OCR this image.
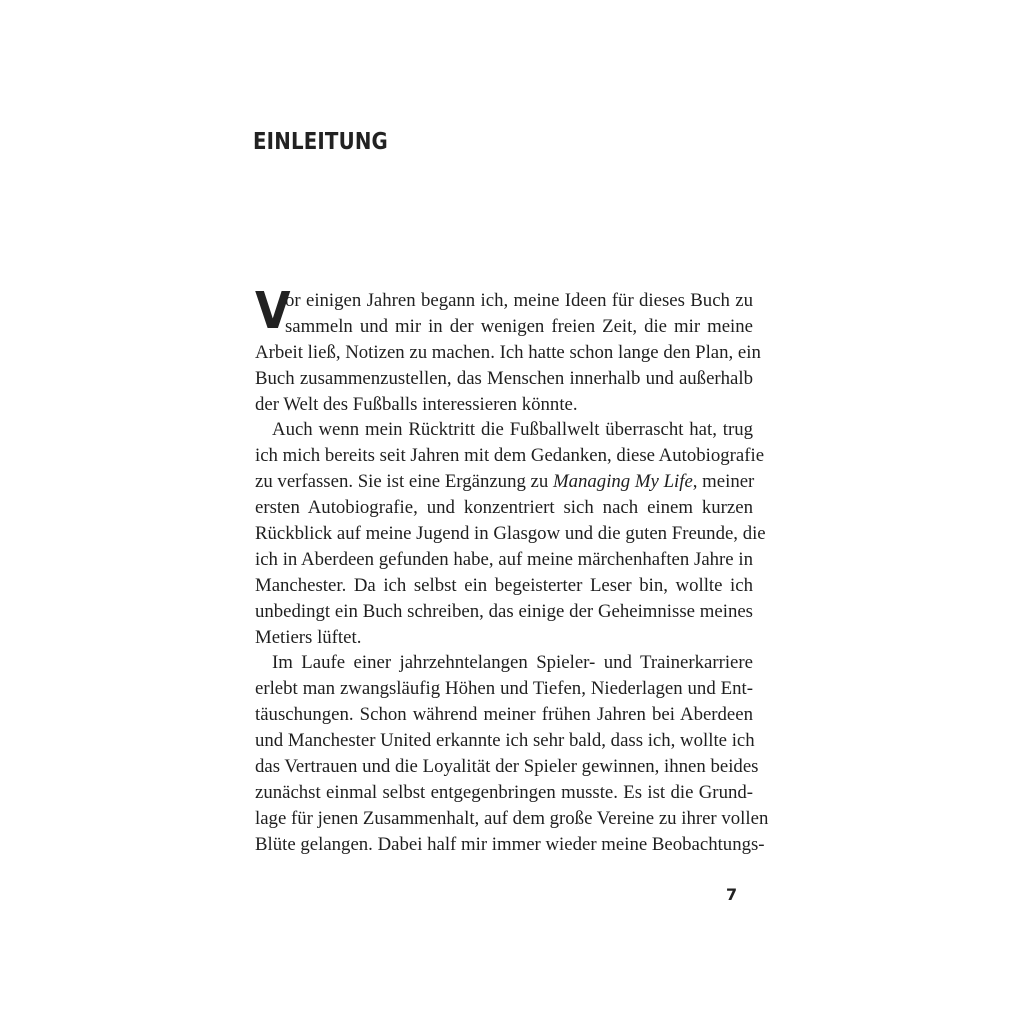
EINLEITUNG
V
or einigen Jahren begann ich, meine Ideen für dieses Buch zu
sammeln und mir in der wenigen freien Zeit, die mir meine
Arbeit ließ, Notizen zu machen. Ich hatte schon lange den Plan, ein
Buch zusammenzustellen, das Menschen innerhalb und außerhalb
der Welt des Fußballs interessieren könnte.
Auch wenn mein Rücktritt die Fußballwelt überrascht hat, trug
ich mich bereits seit Jahren mit dem Gedanken, diese Autobiografie
zu verfassen. Sie ist eine Ergänzung zu Managing My Life, meiner
ersten Autobiografie, und konzentriert sich nach einem kurzen
Rückblick auf meine Jugend in Glasgow und die guten Freunde, die
ich in Aberdeen gefunden habe, auf meine märchenhaften Jahre in
Manchester. Da ich selbst ein begeisterter Leser bin, wollte ich
unbedingt ein Buch schreiben, das einige der Geheimnisse meines
Metiers lüftet.
Im Laufe einer jahrzehntelangen Spieler- und Trainerkarriere
erlebt man zwangsläufig Höhen und Tiefen, Niederlagen und Ent-
täuschungen. Schon während meiner frühen Jahren bei Aberdeen
und Manchester United erkannte ich sehr bald, dass ich, wollte ich
das Vertrauen und die Loyalität der Spieler gewinnen, ihnen beides
zunächst einmal selbst entgegenbringen musste. Es ist die Grund-
lage für jenen Zusammenhalt, auf dem große Vereine zu ihrer vollen
Blüte gelangen. Dabei half mir immer wieder meine Beobachtungs-
7
